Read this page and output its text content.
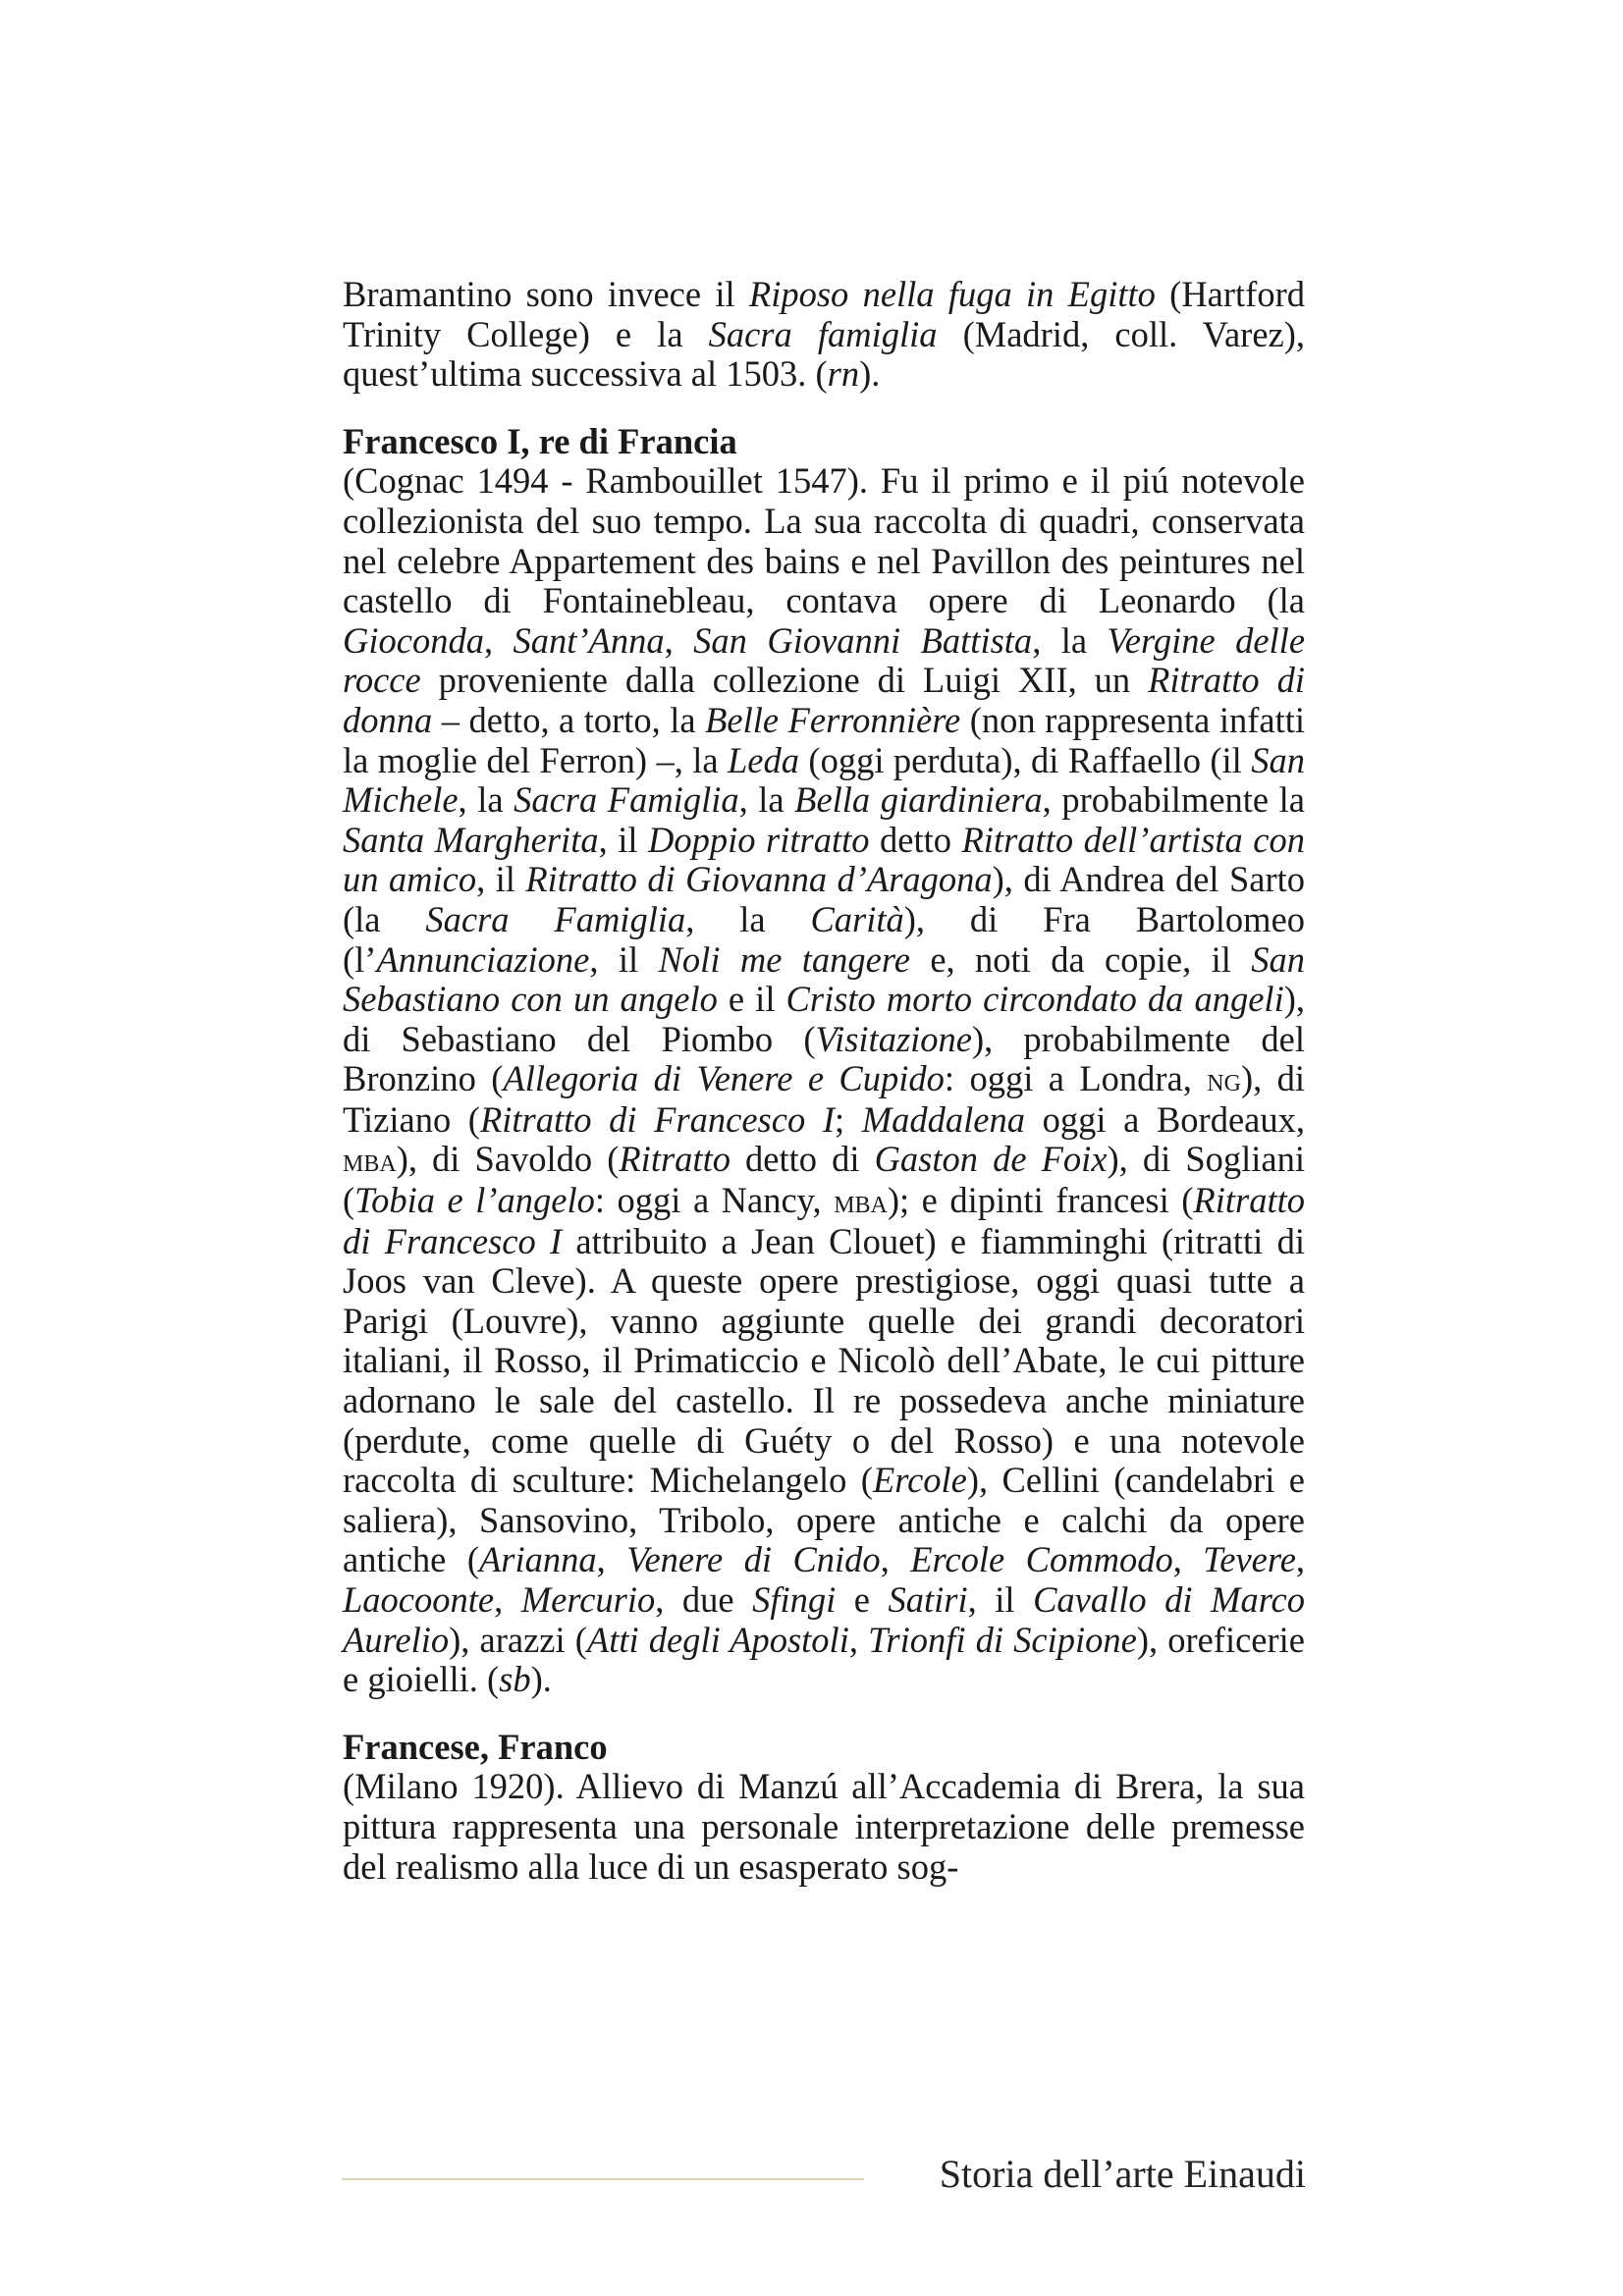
Bramantino sono invece il Riposo nella fuga in Egitto (Hartford Trinity College) e la Sacra famiglia (Madrid, coll. Varez), quest’ultima successiva al 1503. (rn).

Francesco I, re di Francia

(Cognac 1494 - Rambouillet 1547). Fu il primo e il piú notevole collezionista del suo tempo. La sua raccolta di quadri, conservata nel celebre Appartement des bains e nel Pavillon des peintures nel castello di Fontainebleau, contava opere di Leonardo (la Gioconda, Sant’Anna, San Giovanni Battista, la Vergine delle rocce proveniente dalla collezione di Luigi XII, un Ritratto di donna – detto, a torto, la Belle Ferronnière (non rappresenta infatti la moglie del Ferron) –, la Leda (oggi perduta), di Raffaello (il San Michele, la Sacra Famiglia, la Bella giardiniera, probabilmente la Santa Margherita, il Doppio ritratto detto Ritratto dell’artista con un amico, il Ritratto di Giovanna d’Aragona), di Andrea del Sarto (la Sacra Famiglia, la Carità), di Fra Bartolomeo (l’Annunciazione, il Noli me tangere e, noti da copie, il San Sebastiano con un angelo e il Cristo morto circondato da angeli), di Sebastiano del Piombo (Visitazione), probabilmente del Bronzino (Allegoria di Venere e Cupido: oggi a Londra, ng), di Tiziano (Ritratto di Francesco I; Maddalena oggi a Bordeaux, mba), di Savoldo (Ritratto detto di Gaston de Foix), di Sogliani (Tobia e l’angelo: oggi a Nancy, mba); e dipinti francesi (Ritratto di Francesco I attribuito a Jean Clouet) e fiamminghi (ritratti di Joos van Cleve). A queste opere prestigiose, oggi quasi tutte a Parigi (Louvre), vanno aggiunte quelle dei grandi decoratori italiani, il Rosso, il Primaticcio e Nicolò dell’Abate, le cui pitture adornano le sale del castello. Il re possedeva anche miniature (perdute, come quelle di Guéty o del Rosso) e una notevole raccolta di sculture: Michelangelo (Ercole), Cellini (candelabri e saliera), Sansovino, Tribolo, opere antiche e calchi da opere antiche (Arianna, Venere di Cnido, Ercole Commodo, Tevere, Laocoonte, Mercurio, due Sfingi e Satiri, il Cavallo di Marco Aurelio), arazzi (Atti degli Apostoli, Trionfi di Scipione), oreficerie e gioielli. (sb).

Francese, Franco

(Milano 1920). Allievo di Manzú all’Accademia di Brera, la sua pittura rappresenta una personale interpretazione delle premesse del realismo alla luce di un esasperato sog-

Storia dell’arte Einaudi
